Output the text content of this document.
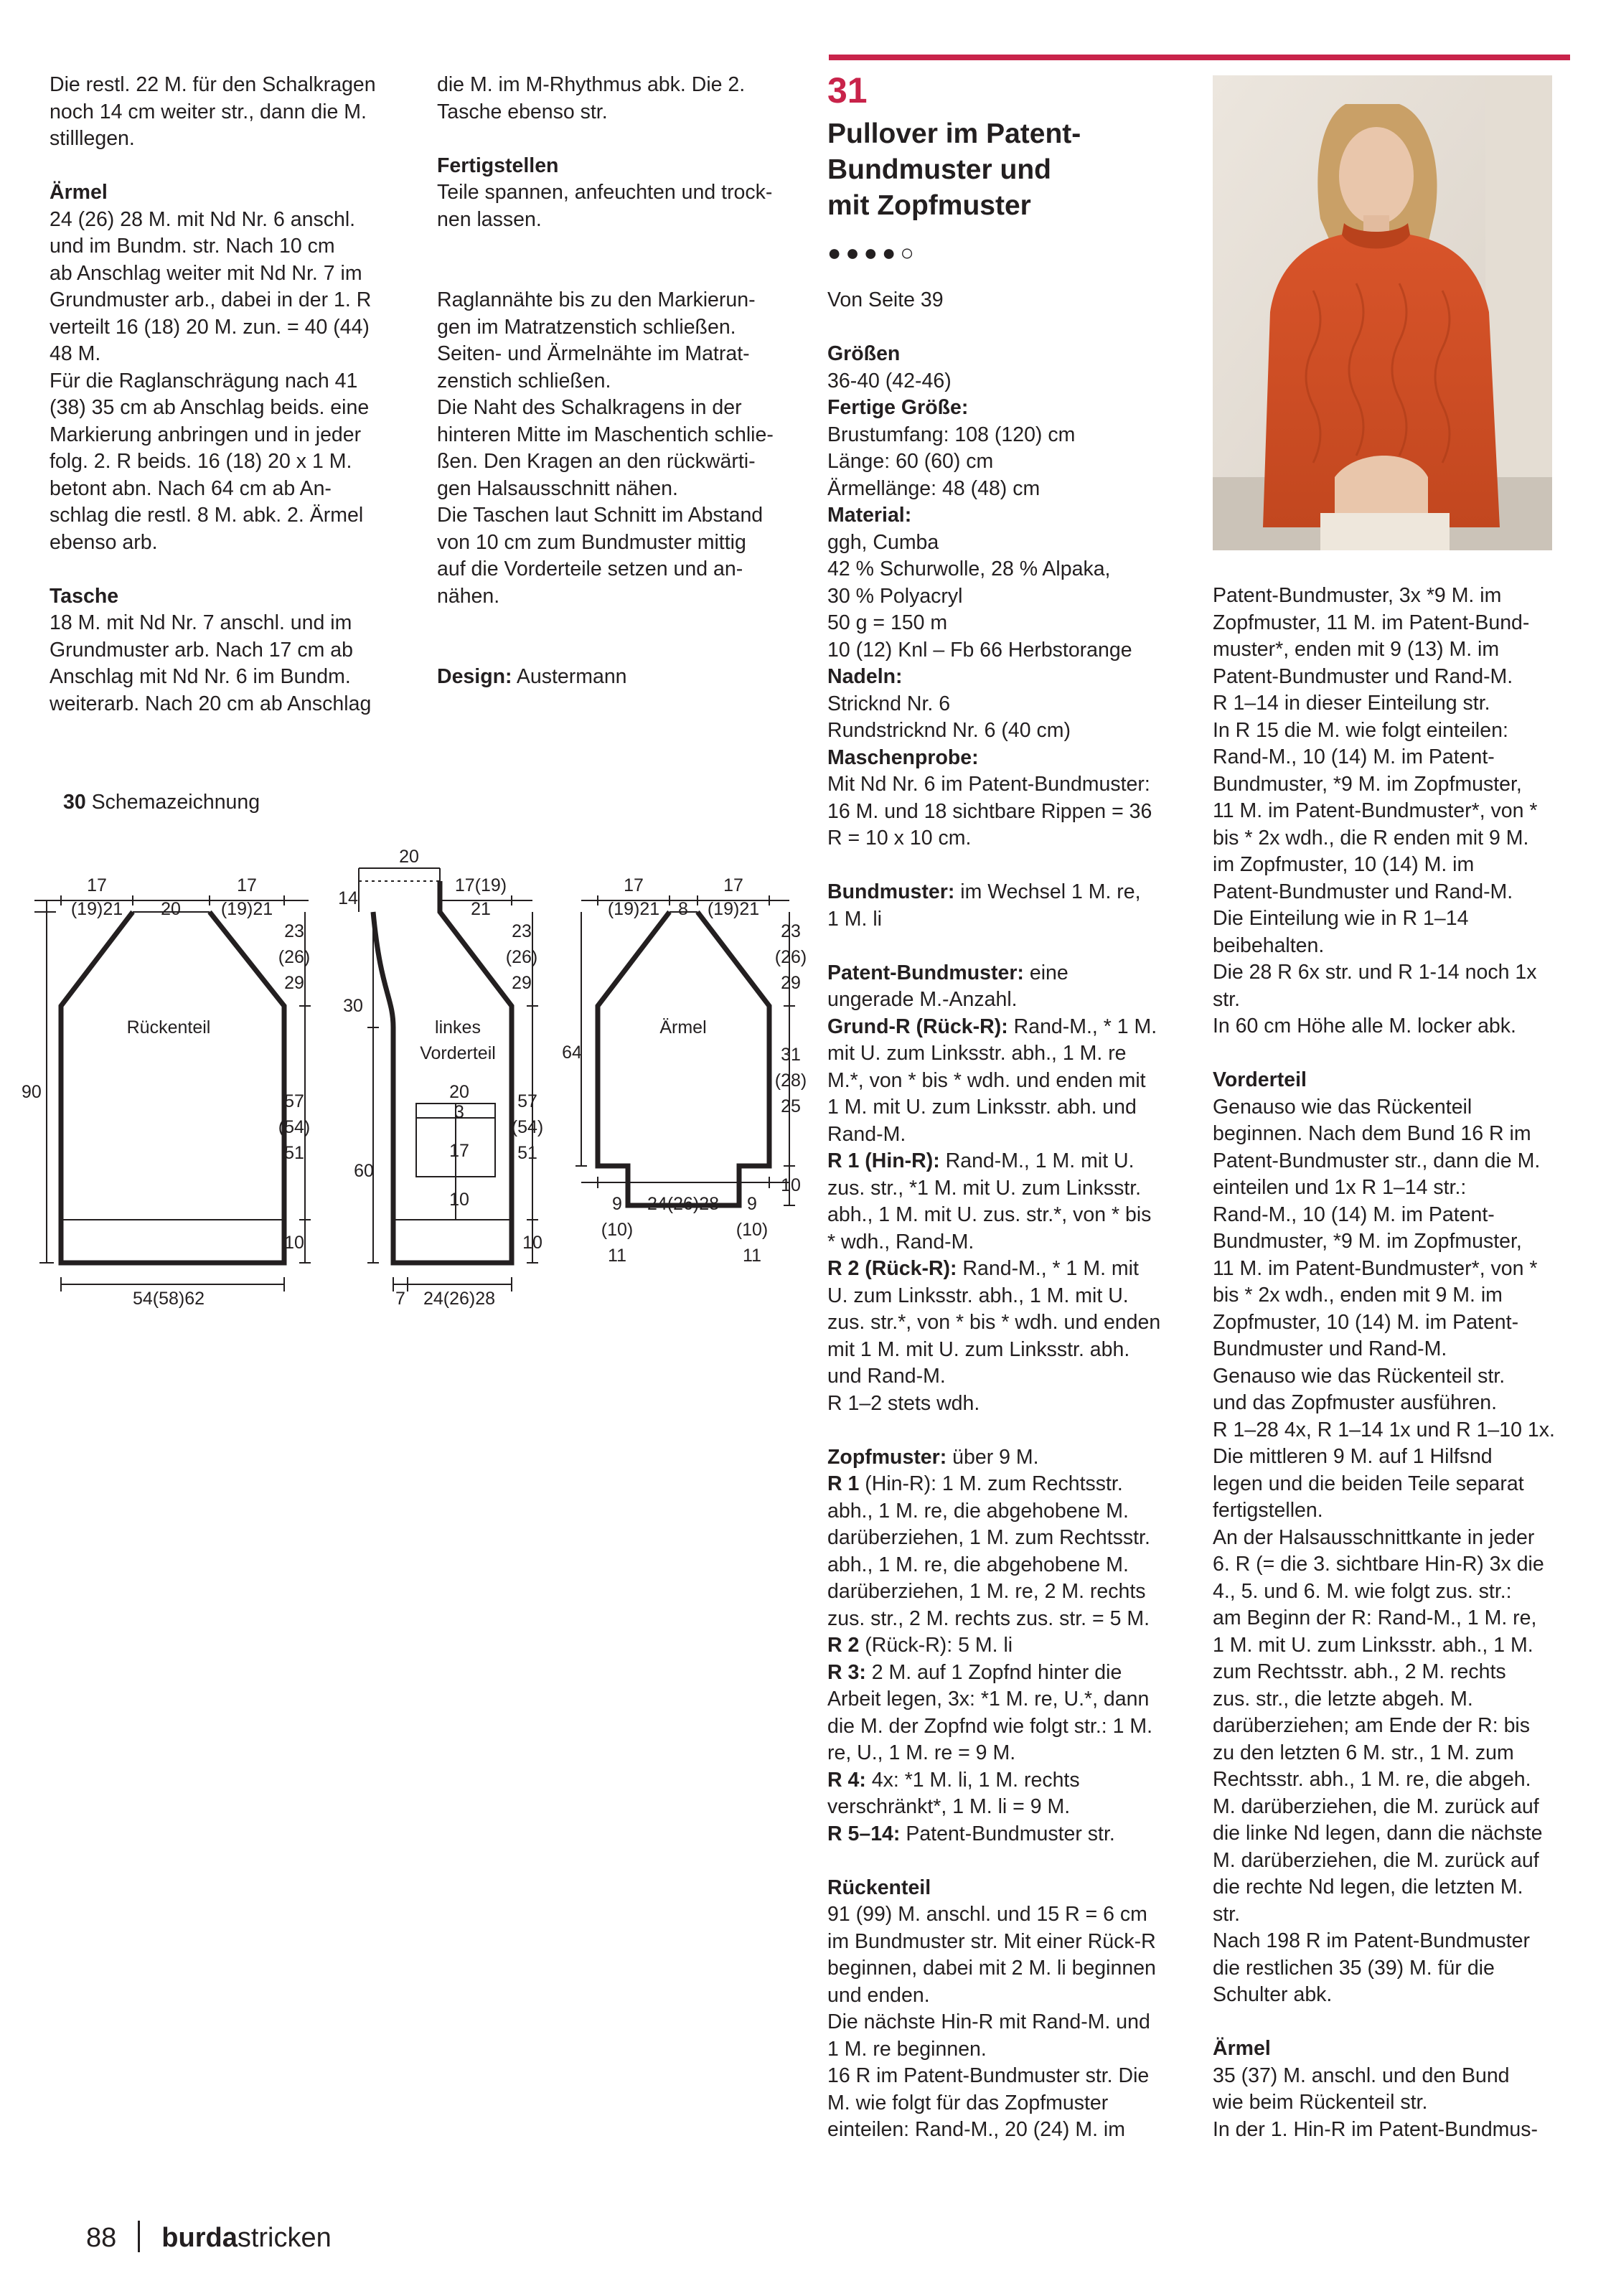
Die restl. 22 M. für den Schalkragen
noch 14 cm weiter str., dann die M.
stilllegen.

Ärmel

24 (26) 28 M. mit Nd Nr. 6 anschl.
und im Bundm. str. Nach 10 cm
ab Anschlag weiter mit Nd Nr. 7 im
Grundmuster arb., dabei in der 1. R
verteilt 16 (18) 20 M. zun. = 40 (44)
48 M.
Für die Raglanschrägung nach 41
(38) 35 cm ab Anschlag beids. eine
Markierung anbringen und in jeder
folg. 2. R beids. 16 (18) 20 x 1 M.
betont abn. Nach 64 cm ab An-
schlag die restl. 8 M. abk. 2. Ärmel
ebenso arb.

Tasche

18 M. mit Nd Nr. 7 anschl. und im
Grundmuster arb. Nach 17 cm ab
Anschlag mit Nd Nr. 6 im Bundm.
weiterarb. Nach 20 cm ab Anschlag

die M. im M-Rhythmus abk. Die 2.
Tasche ebenso str.

Fertigstellen

Teile spannen, anfeuchten und trock-
nen lassen.

Raglannähte bis zu den Markierun-
gen im Matratzenstich schließen.
Seiten- und Ärmelnähte im Matrat-
zenstich schließen.
Die Naht des Schalkragens in der
hinteren Mitte im Maschentich schlie-
ßen. Den Kragen an den rückwärti-
gen Halsausschnitt nähen.
Die Taschen laut Schnitt im Abstand
von 10 cm zum Bundmuster mittig
auf die Vorderteile setzen und an-
nähen.

Design: Austermann

30 Schemazeichnung
17
(19)21 20
17
(19)21
23
(26)
29
57
(54)
51
10
90
Rückenteil
54(58)62
20
14
17(19)
21
23
(26)
29
30
linkes
Vorderteil
20
3
17
10
57
(54)
51
60
10
7 24(26)28
17
(19)21 8
17
(19)21
23
(26)
29
64
Ärmel
31
(28)
25
10
9
(10)
11
24(26)28 9
(10)
11
31

Pullover im Patent-
Bundmuster und
mit Zopfmuster

●●●●○

Von Seite 39

Größen

36-40 (42-46)

Fertige Größe:

Brustumfang: 108 (120) cm
Länge: 60 (60) cm
Ärmellänge: 48 (48) cm

Material:

ggh, Cumba
42 % Schurwolle, 28 % Alpaka,
30 % Polyacryl
50 g = 150 m
10 (12) Knl – Fb 66 Herbstorange

Nadeln:

Stricknd Nr. 6
Rundstricknd Nr. 6 (40 cm)

Maschenprobe:

Mit Nd Nr. 6 im Patent-Bundmuster:
16 M. und 18 sichtbare Rippen = 36
R = 10 x 10 cm.

Bundmuster: im Wechsel 1 M. re,
1 M. li

Patent-Bundmuster: eine
ungerade M.-Anzahl.

Grund-R (Rück-R): Rand-M., * 1 M.
mit U. zum Linksstr. abh., 1 M. re
M.*, von * bis * wdh. und enden mit
1 M. mit U. zum Linksstr. abh. und
Rand-M.

R 1 (Hin-R): Rand-M., 1 M. mit U.
zus. str., *1 M. mit U. zum Linksstr.
abh., 1 M. mit U. zus. str.*, von * bis
* wdh., Rand-M.

R 2 (Rück-R): Rand-M., * 1 M. mit
U. zum Linksstr. abh., 1 M. mit U.
zus. str.*, von * bis * wdh. und enden
mit 1 M. mit U. zum Linksstr. abh.
und Rand-M.
R 1–2 stets wdh.

Zopfmuster: über 9 M.

R 1 (Hin-R): 1 M. zum Rechtsstr.
abh., 1 M. re, die abgehobene M.
darüberziehen, 1 M. zum Rechtsstr.
abh., 1 M. re, die abgehobene M.
darüberziehen, 1 M. re, 2 M. rechts
zus. str., 2 M. rechts zus. str. = 5 M.

R 2 (Rück-R): 5 M. li

R 3: 2 M. auf 1 Zopfnd hinter die
Arbeit legen, 3x: *1 M. re, U.*, dann
die M. der Zopfnd wie folgt str.: 1 M.
re, U., 1 M. re = 9 M.

R 4: 4x: *1 M. li, 1 M. rechts
verschränkt*, 1 M. li = 9 M.

R 5–14: Patent-Bundmuster str.

Rückenteil

91 (99) M. anschl. und 15 R = 6 cm
im Bundmuster str. Mit einer Rück-R
beginnen, dabei mit 2 M. li beginnen
und enden.
Die nächste Hin-R mit Rand-M. und
1 M. re beginnen.
16 R im Patent-Bundmuster str. Die
M. wie folgt für das Zopfmuster
einteilen: Rand-M., 20 (24) M. im

Patent-Bundmuster, 3x *9 M. im
Zopfmuster, 11 M. im Patent-Bund-
muster*, enden mit 9 (13) M. im
Patent-Bundmuster und Rand-M.
R 1–14 in dieser Einteilung str.
In R 15 die M. wie folgt einteilen:
Rand-M., 10 (14) M. im Patent-
Bundmuster, *9 M. im Zopfmuster,
11 M. im Patent-Bundmuster*, von *
bis * 2x wdh., die R enden mit 9 M.
im Zopfmuster, 10 (14) M. im
Patent-Bundmuster und Rand-M.
Die Einteilung wie in R 1–14
beibehalten.
Die 28 R 6x str. und R 1-14 noch 1x
str.
In 60 cm Höhe alle M. locker abk.

Vorderteil

Genauso wie das Rückenteil
beginnen. Nach dem Bund 16 R im
Patent-Bundmuster str., dann die M.
einteilen und 1x R 1–14 str.:
Rand-M., 10 (14) M. im Patent-
Bundmuster, *9 M. im Zopfmuster,
11 M. im Patent-Bundmuster*, von *
bis * 2x wdh., enden mit 9 M. im
Zopfmuster, 10 (14) M. im Patent-
Bundmuster und Rand-M.
Genauso wie das Rückenteil str.
und das Zopfmuster ausführen.
R 1–28 4x, R 1–14 1x und R 1–10 1x.
Die mittleren 9 M. auf 1 Hilfsnd
legen und die beiden Teile separat
fertigstellen.
An der Halsausschnittkante in jeder
6. R (= die 3. sichtbare Hin-R) 3x die
4., 5. und 6. M. wie folgt zus. str.:
am Beginn der R: Rand-M., 1 M. re,
1 M. mit U. zum Linksstr. abh., 1 M.
zum Rechtsstr. abh., 2 M. rechts
zus. str., die letzte abgeh. M.
darüberziehen; am Ende der R: bis
zu den letzten 6 M. str., 1 M. zum
Rechtsstr. abh., 1 M. re, die abgeh.
M. darüberziehen, die M. zurück auf
die linke Nd legen, dann die nächste
M. darüberziehen, die M. zurück auf
die rechte Nd legen, die letzten M.
str.
Nach 198 R im Patent-Bundmuster
die restlichen 35 (39) M. für die
Schulter abk.

Ärmel

35 (37) M. anschl. und den Bund
wie beim Rückenteil str.
In der 1. Hin-R im Patent-Bundmus-

88 burdastricken
